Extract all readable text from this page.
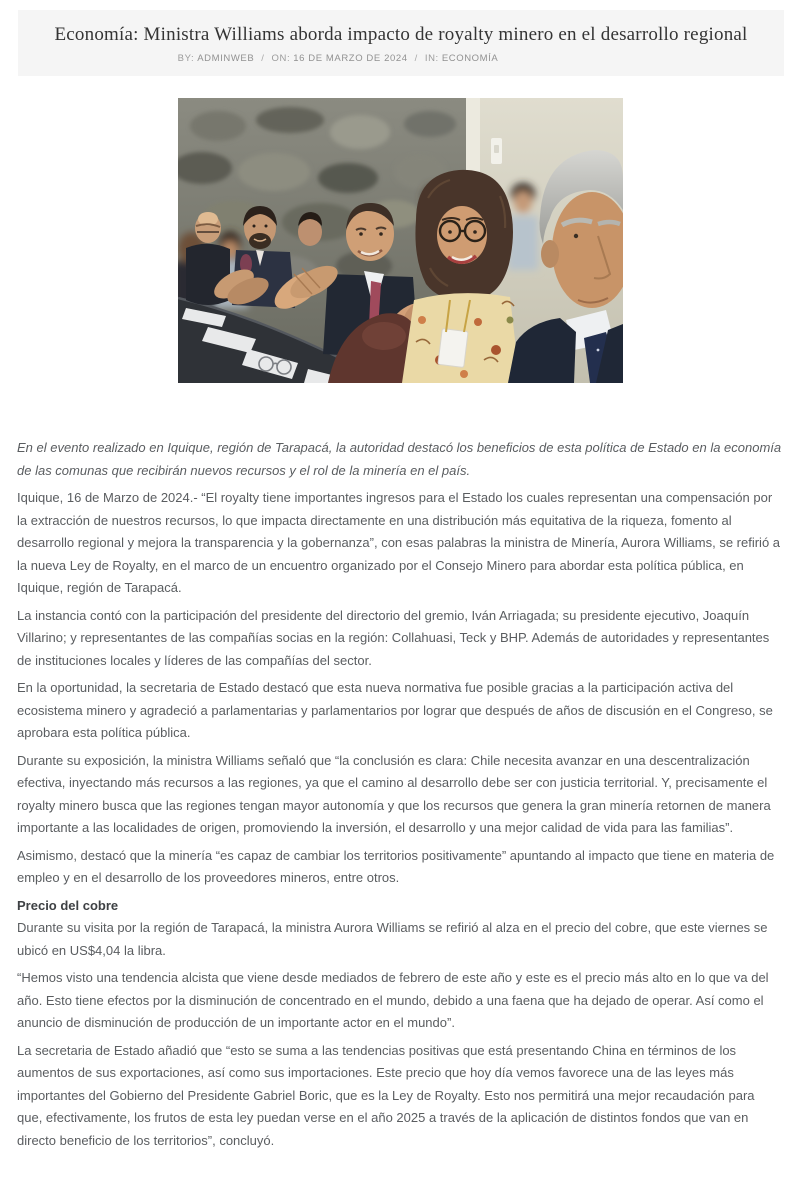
Economía: Ministra Williams aborda impacto de royalty minero en el desarrollo regional
BY: ADMINWEB / ON: 16 DE MARZO DE 2024 / IN: ECONOMÍA

En el evento realizado en Iquique, región de Tarapacá, la autoridad destacó los beneficios de esta política de Estado en la economía de las comunas que recibirán nuevos recursos y el rol de la minería en el país.

Iquique, 16 de Marzo de 2024.- “El royalty tiene importantes ingresos para el Estado los cuales representan una compensación por la extracción de nuestros recursos, lo que impacta directamente en una distribución más equitativa de la riqueza, fomento al desarrollo regional y mejora la transparencia y la gobernanza”, con esas palabras la ministra de Minería, Aurora Williams, se refirió a la nueva Ley de Royalty, en el marco de un encuentro organizado por el Consejo Minero para abordar esta política pública, en Iquique, región de Tarapacá.

La instancia contó con la participación del presidente del directorio del gremio, Iván Arriagada; su presidente ejecutivo, Joaquín Villarino; y representantes de las compañías socias en la región: Collahuasi, Teck y BHP. Además de autoridades y representantes de instituciones locales y líderes de las compañías del sector.

En la oportunidad, la secretaria de Estado destacó que esta nueva normativa fue posible gracias a la participación activa del ecosistema minero y agradeció a parlamentarias y parlamentarios por lograr que después de años de discusión en el Congreso, se aprobara esta política pública.

Durante su exposición, la ministra Williams señaló que “la conclusión es clara: Chile necesita avanzar en una descentralización efectiva, inyectando más recursos a las regiones, ya que el camino al desarrollo debe ser con justicia territorial. Y, precisamente el royalty minero busca que las regiones tengan mayor autonomía y que los recursos que genera la gran minería retornen de manera importante a las localidades de origen, promoviendo la inversión, el desarrollo y una mejor calidad de vida para las familias”.

Asimismo, destacó que la minería “es capaz de cambiar los territorios positivamente” apuntando al impacto que tiene en materia de empleo y en el desarrollo de los proveedores mineros, entre otros.

Precio del cobre

Durante su visita por la región de Tarapacá, la ministra Aurora Williams se refirió al alza en el precio del cobre, que este viernes se ubicó en US$4,04 la libra.

“Hemos visto una tendencia alcista que viene desde mediados de febrero de este año y este es el precio más alto en lo que va del año. Esto tiene efectos por la disminución de concentrado en el mundo, debido a una faena que ha dejado de operar. Así como el anuncio de disminución de producción de un importante actor en el mundo”.

La secretaria de Estado añadió que “esto se suma a las tendencias positivas que está presentando China en términos de los aumentos de sus exportaciones, así como sus importaciones. Este precio que hoy día vemos favorece una de las leyes más importantes del Gobierno del Presidente Gabriel Boric, que es la Ley de Royalty. Esto nos permitirá una mejor recaudación para que, efectivamente, los frutos de esta ley puedan verse en el año 2025 a través de la aplicación de distintos fondos que van en directo beneficio de los territorios”, concluyó.
